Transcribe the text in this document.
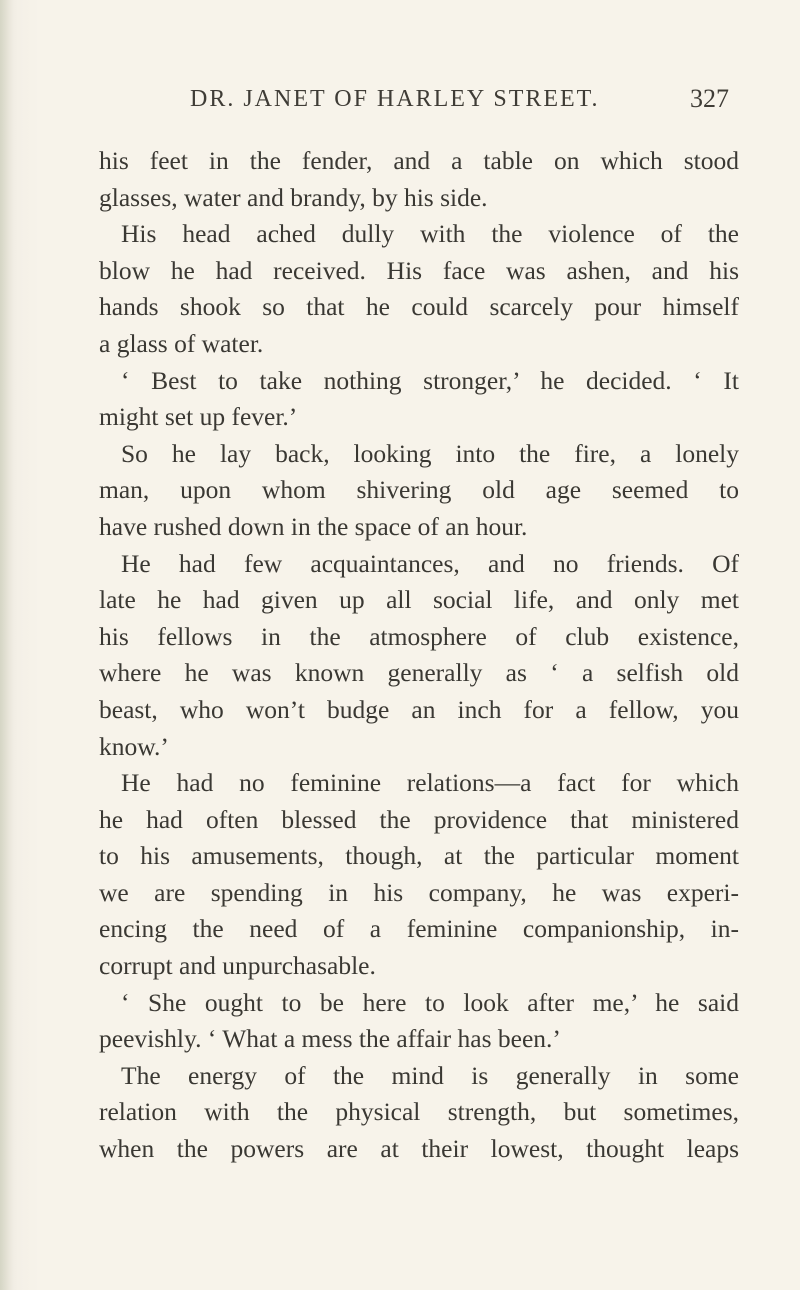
DR. JANET OF HARLEY STREET.	327
his feet in the fender, and a table on which stood
glasses, water and brandy, by his side.
His head ached dully with the violence of the
blow he had received. His face was ashen, and his
hands shook so that he could scarcely pour himself
a glass of water.
‘ Best to take nothing stronger,’ he decided. ‘ It
might set up fever.’
So he lay back, looking into the fire, a lonely
man, upon whom shivering old age seemed to
have rushed down in the space of an hour.
He had few acquaintances, and no friends. Of
late he had given up all social life, and only met
his fellows in the atmosphere of club existence,
where he was known generally as ‘ a selfish old
beast, who won’t budge an inch for a fellow, you
know.’
He had no feminine relations—a fact for which
he had often blessed the providence that ministered
to his amusements, though, at the particular moment
we are spending in his company, he was experi-
encing the need of a feminine companionship, in-
corrupt and unpurchasable.
‘ She ought to be here to look after me,’ he said
peevishly. ‘ What a mess the affair has been.’
The energy of the mind is generally in some
relation with the physical strength, but sometimes,
when the powers are at their lowest, thought leaps
